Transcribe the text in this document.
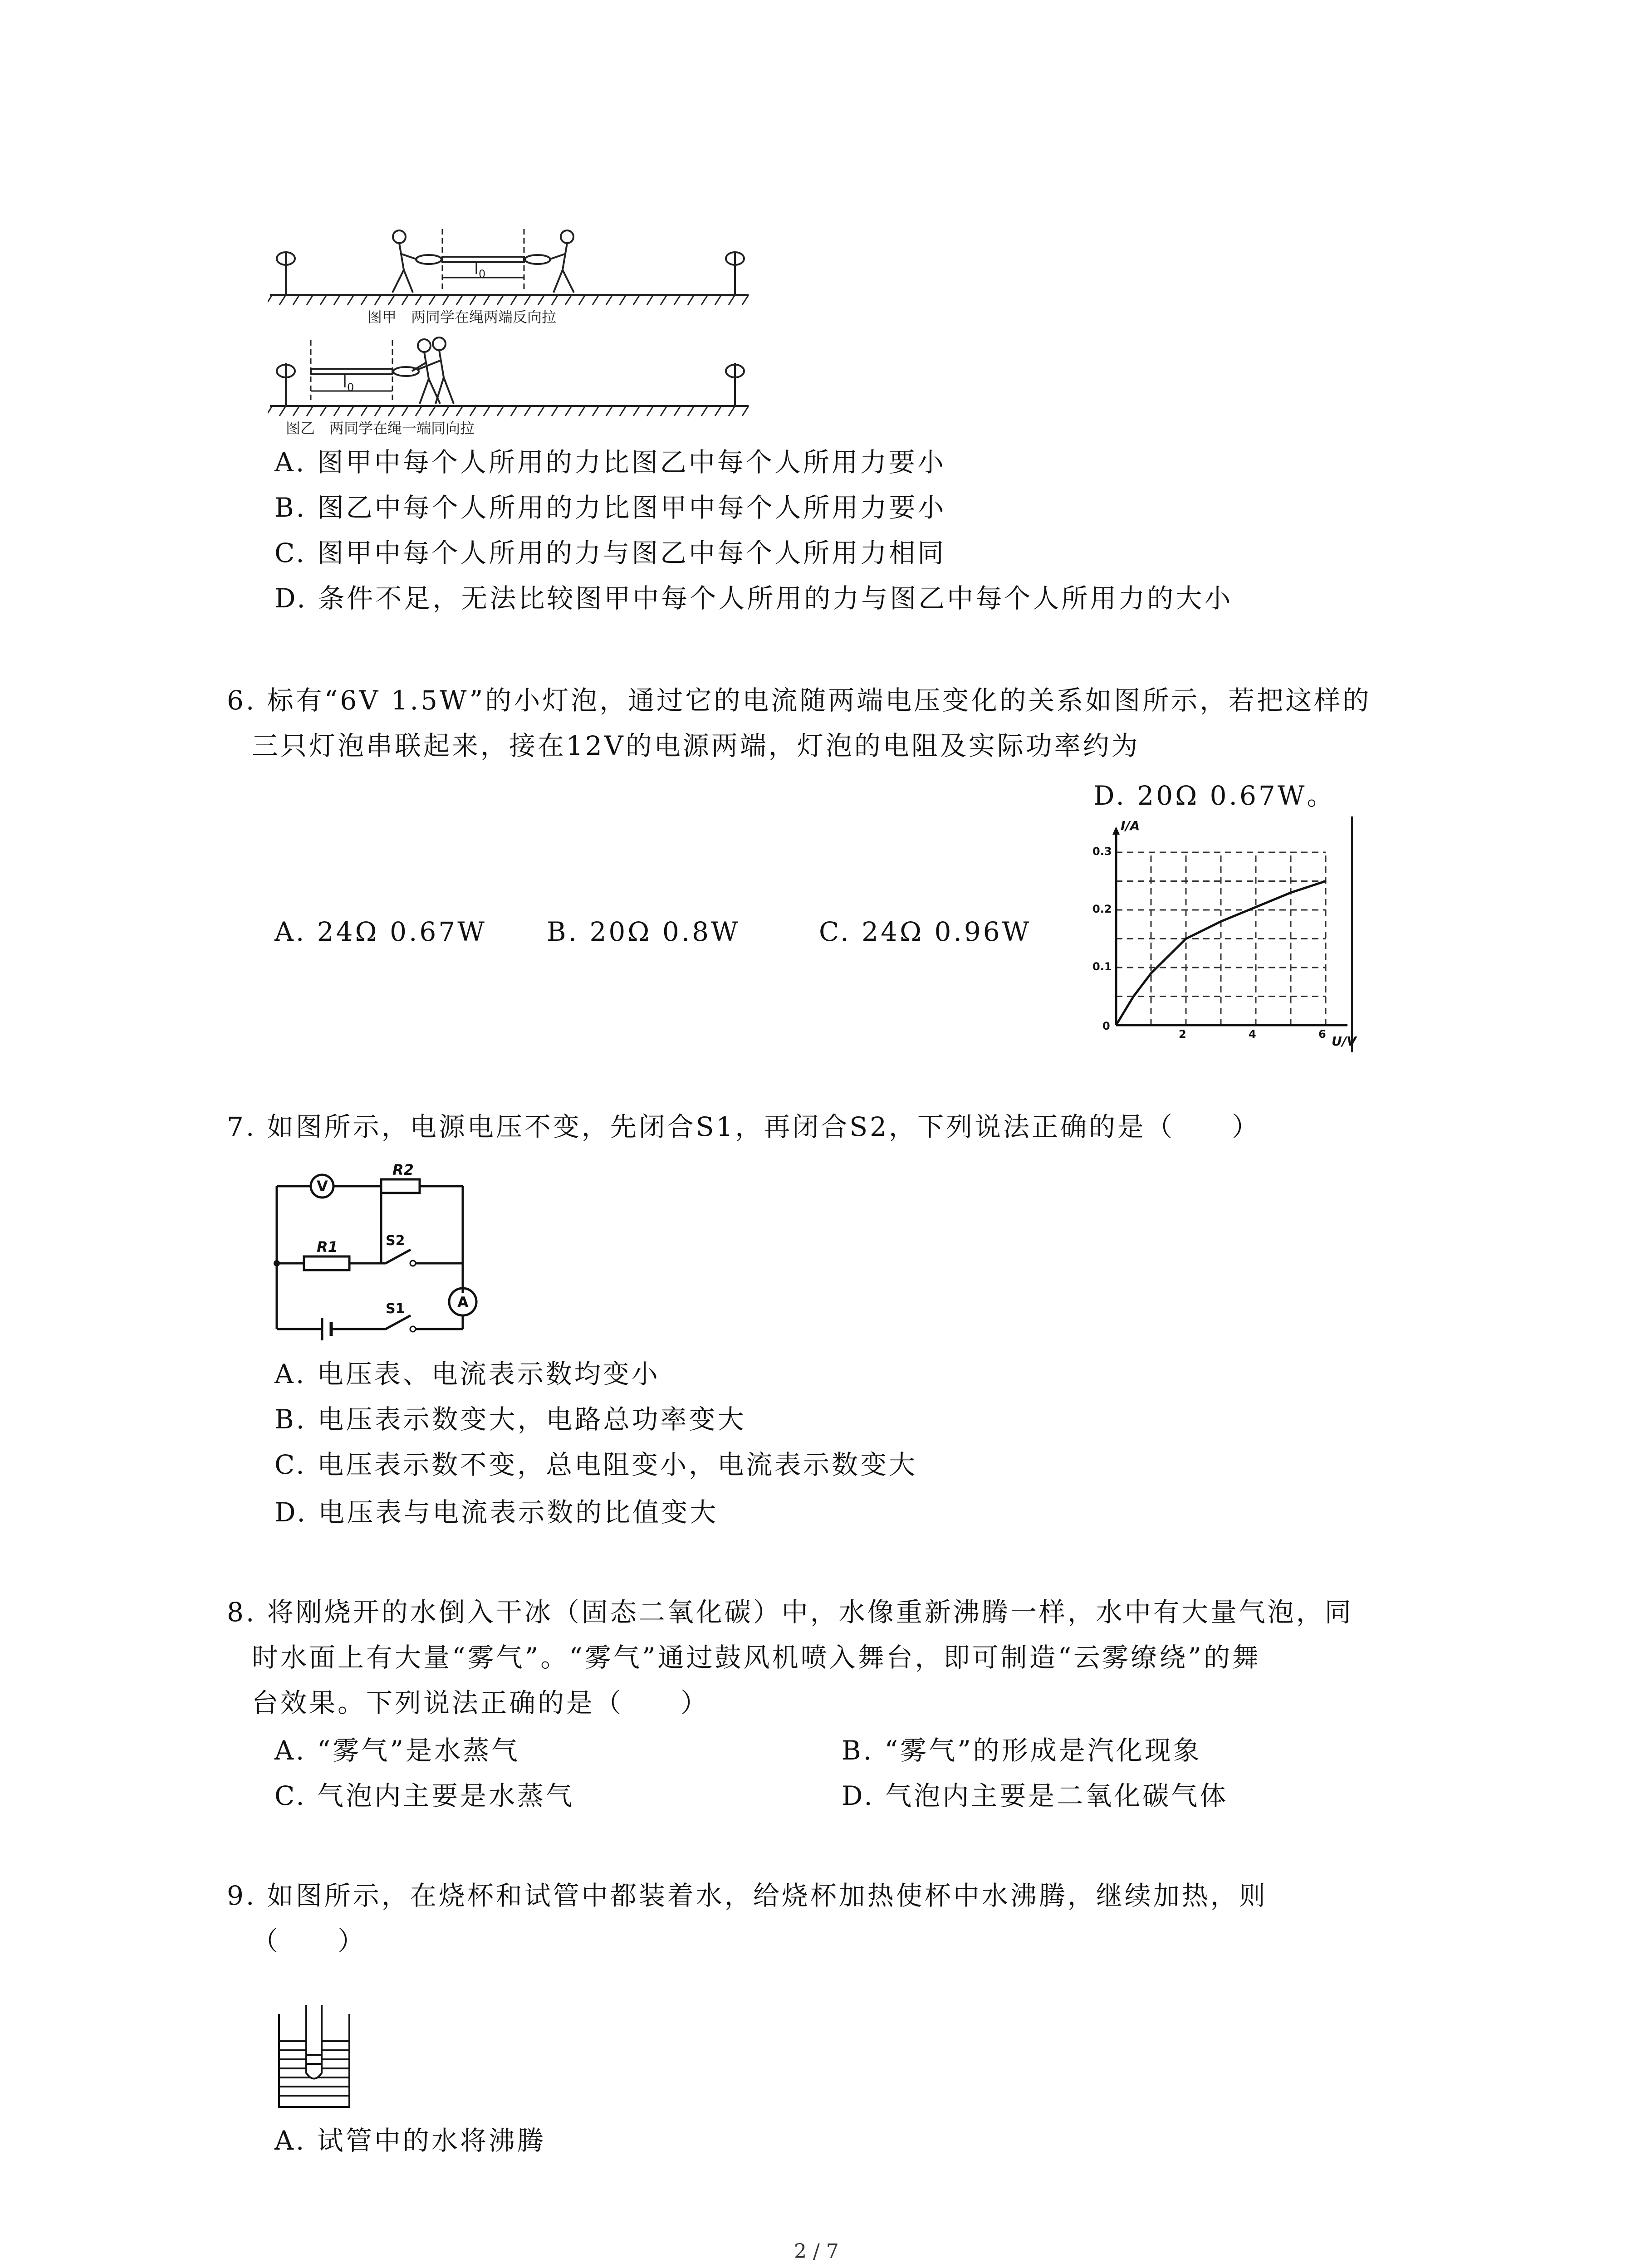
$l_0$
$l_0$
图甲　两同学在绳两端反向拉
图乙　两同学在绳一端同向拉
A. 图甲中每个人所用的力比图乙中每个人所用力要小
B. 图乙中每个人所用的力比图甲中每个人所用力要小
C. 图甲中每个人所用的力与图乙中每个人所用力相同
D. 条件不足，无法比较图甲中每个人所用的力与图乙中每个人所用力的大小
6. 标有“6V 1.5W”的小灯泡，通过它的电流随两端电压变化的关系如图所示，若把这样的
三只灯泡串联起来，接在12V的电源两端，灯泡的电阻及实际功率约为
D. 20Ω 0.67W。
A. 24Ω 0.67W B. 20Ω 0.8W	C. 24Ω 0.96W
I/A
U/V
0
0.3
0.2
0.1
2	4	6
7. 如图所示，电源电压不变，先闭合S1，再闭合S2，下列说法正确的是（　　）
V
A
R2
R1	S2
S1
A. 电压表、电流表示数均变小
B. 电压表示数变大，电路总功率变大
C. 电压表示数不变，总电阻变小，电流表示数变大
D. 电压表与电流表示数的比值变大
8. 将刚烧开的水倒入干冰（固态二氧化碳）中，水像重新沸腾一样，水中有大量气泡，同
时水面上有大量“雾气”。“雾气”通过鼓风机喷入舞台，即可制造“云雾缭绕”的舞
台效果。下列说法正确的是（　　）
A. “雾气”是水蒸气	B. “雾气”的形成是汽化现象
C. 气泡内主要是水蒸气	D. 气泡内主要是二氧化碳气体
9. 如图所示，在烧杯和试管中都装着水，给烧杯加热使杯中水沸腾，继续加热，则
（　　）
A. 试管中的水将沸腾
2 / 7
